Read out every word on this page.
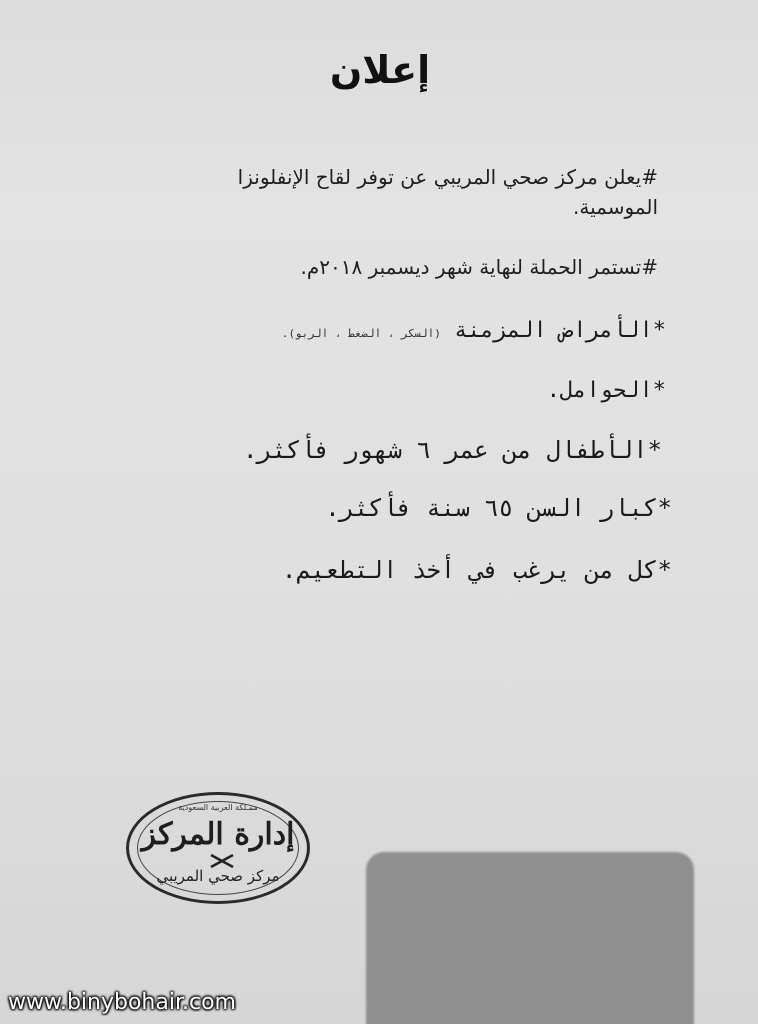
إعلان
#يعلن مركز صحي المريبي عن توفر لقاح الإنفلونزا الموسمية.
#تستمر الحملة لنهاية شهر ديسمبر ٢٠١٨م.
*الأمراض المزمنة (السكر ، الضغط ، الربو).
*الحوامل.
*الأطفال من عمر ٦ شهور فأكثر.
*كبار السن ٦٥ سنة فأكثر.
*كل من يرغب في أخذ التطعيم.
ممـلكة العربية السعودية
إدارة المركز
مركز صحي المريبي
www.binybohair.com
